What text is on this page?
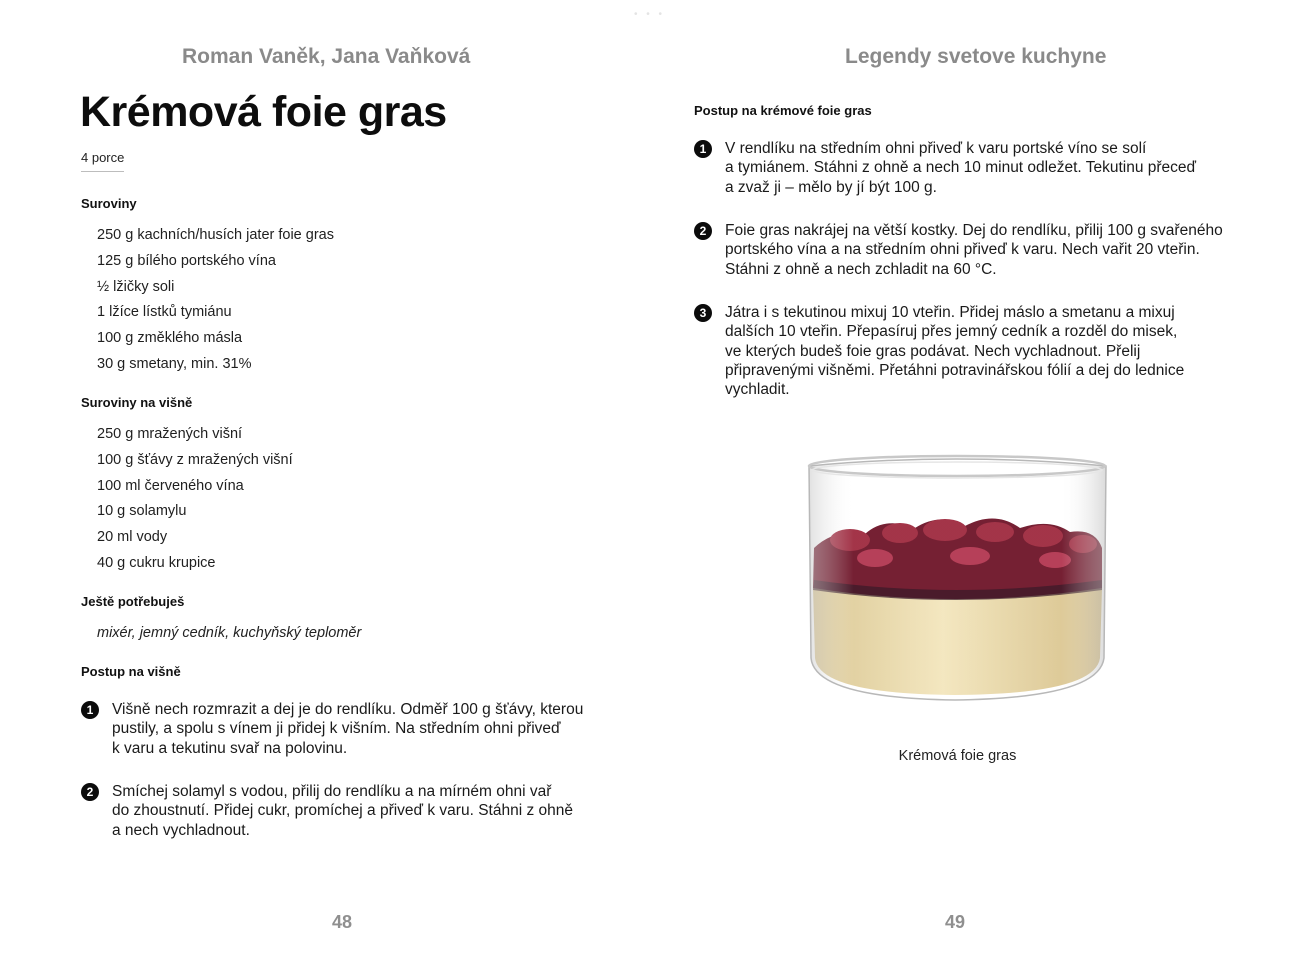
• • •
Roman Vaněk, Jana Vaňková
Krémová foie gras
4 porce
Suroviny
250 g kachních/husích jater foie gras
125 g bílého portského vína
½ lžičky soli
1 lžíce lístků tymiánu
100 g změklého másla
30 g smetany, min. 31%
Suroviny na višně
250 g mražených višní
100 g šťávy z mražených višní
100 ml červeného vína
10 g solamylu
20 ml vody
40 g cukru krupice
Ještě potřebuješ
mixér, jemný cedník, kuchyňský teploměr
Postup na višně
1	Višně nech rozmrazit a dej je do rendlíku. Odměř 100 g šťávy, kterou
pustily, a spolu s vínem ji přidej k višním. Na středním ohni přiveď
k varu a tekutinu svař na polovinu.
2	Smíchej solamyl s vodou, přilij do rendlíku a na mírném ohni vař
do zhoustnutí. Přidej cukr, promíchej a přiveď k varu. Stáhni z ohně
a nech vychladnout.
48
Legendy svetove kuchyne
Postup na krémové foie gras
1	V rendlíku na středním ohni přiveď k varu portské víno se solí
a tymiánem. Stáhni z ohně a nech 10 minut odležet. Tekutinu přeceď
a zvaž ji – mělo by jí být 100 g.
2	Foie gras nakrájej na větší kostky. Dej do rendlíku, přilij 100 g svařeného
portského vína a na středním ohni přiveď k varu. Nech vařit 20 vteřin.
Stáhni z ohně a nech zchladit na 60 °C.
3	Játra i s tekutinou mixuj 10 vteřin. Přidej máslo a smetanu a mixuj
dalších 10 vteřin. Přepasíruj přes jemný cedník a rozděl do misek,
ve kterých budeš foie gras podávat. Nech vychladnout. Přelij
připravenými višněmi. Přetáhni potravinářskou fólií a dej do lednice
vychladit.
Krémová foie gras
49
